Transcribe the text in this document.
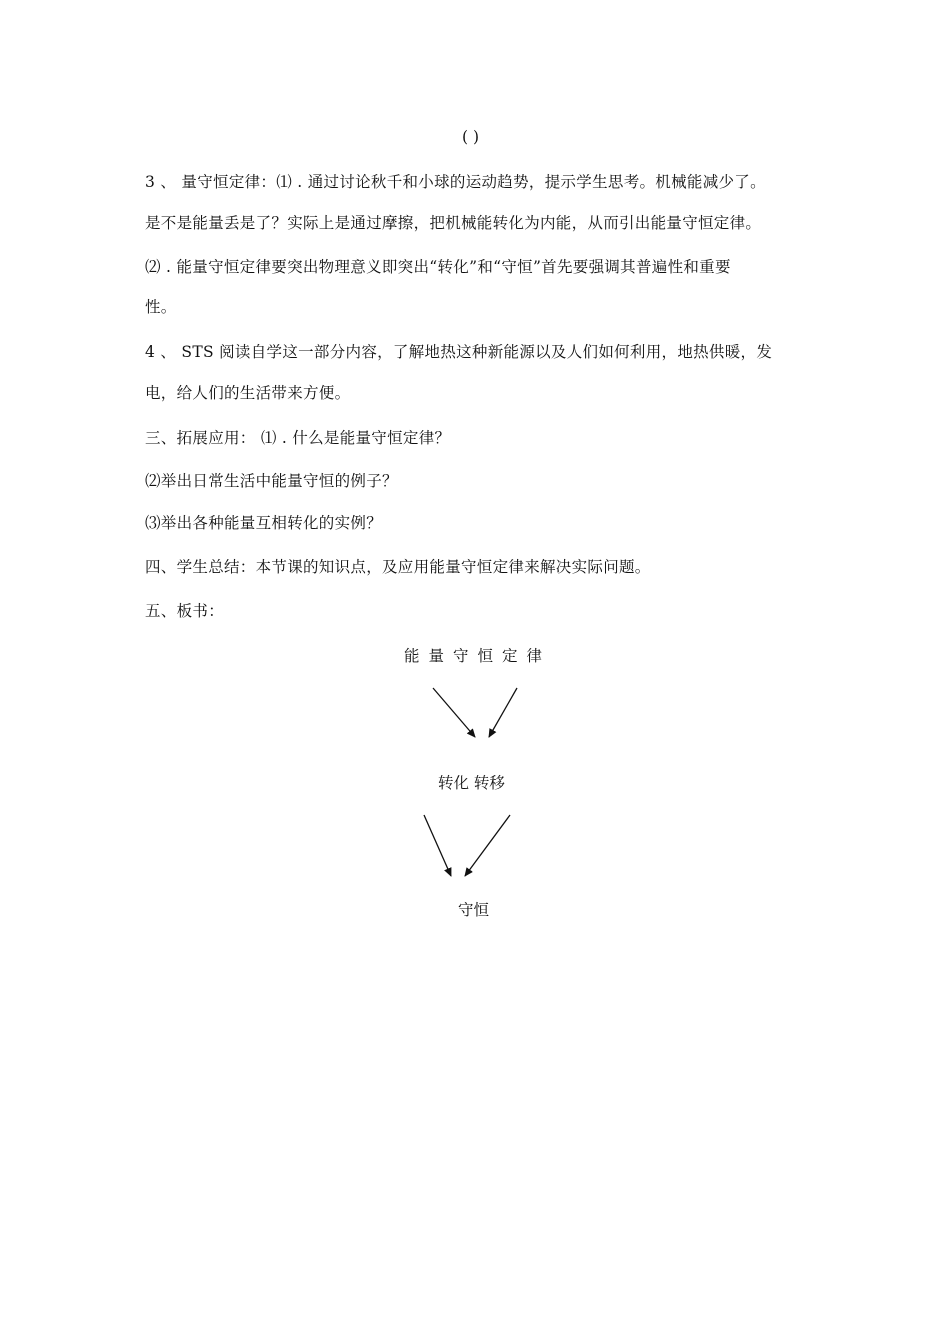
( )
3 、 量守恒定律：⑴ . 通过讨论秋千和小球的运动趋势，提示学生思考。机械能减少了。
是不是能量丢是了？实际上是通过摩擦，把机械能转化为内能，从而引出能量守恒定律。
⑵ . 能量守恒定律要突出物理意义即突出“转化”和“守恒”首先要强调其普遍性和重要
性。
4 、 STS 阅读自学这一部分内容，了解地热这种新能源以及人们如何利用，地热供暖，发
电，给人们的生活带来方便。
三、拓展应用： ⑴ . 什么是能量守恒定律？
⑵举出日常生活中能量守恒的例子？
⑶举出各种能量互相转化的实例？
四、学生总结：本节课的知识点，及应用能量守恒定律来解决实际问题。
五、板书：
能量守恒定律
转化 转移
守恒
